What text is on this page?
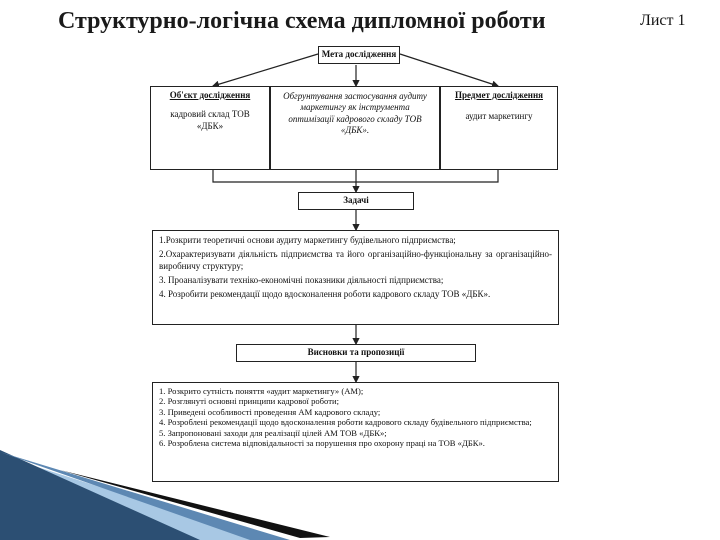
Структурно-логічна схема дипломної роботи	Лист 1
Мета дослідження
Об'єкт дослідження
кадровий склад ТОВ «ДБК»
Обгрунтування застосування аудиту маркетингу як інструмента оптимізації кадрового складу ТОВ «ДБК».
Предмет дослідження
аудит маркетингу
Задачі
1.Розкрити теоретичні основи аудиту маркетингу будівельного підприємства;
2.Охарактеризувати діяльність підприємства та його організаційно-функціональну за організаційно-виробничу структуру;
3. Проаналізувати техніко-економічні показники діяльності підприємства;
4. Розробити рекомендації щодо вдосконалення роботи кадрового складу ТОВ «ДБК».
Висновки та пропозиції
1. Розкрито сутність поняття «аудит маркетингу» (АМ);
2. Розглянуті основні принципи кадрової роботи;
3. Приведені особливості проведення АМ кадрового складу;
4. Розроблені рекомендації щодо вдосконалення роботи кадрового складу будівельного підприємства;
5. Запропоновані заходи для реалізації цілей АМ ТОВ «ДБК»;
6. Розроблена система відповідальності за порушення про охорону праці на ТОВ «ДБК».
